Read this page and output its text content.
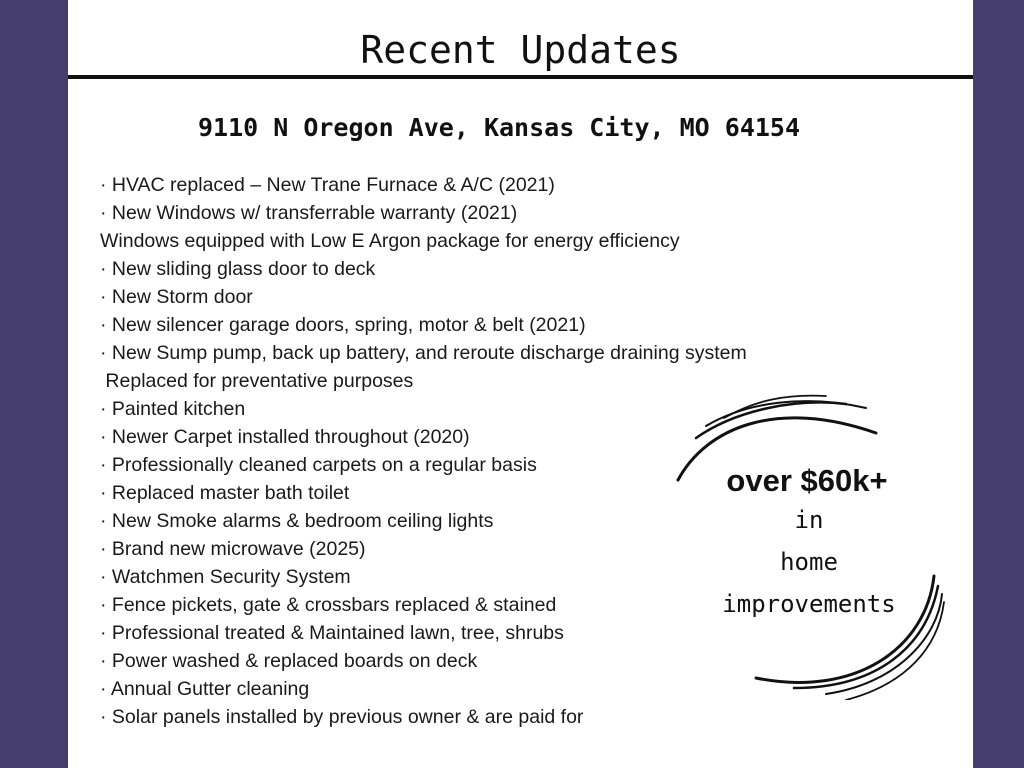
Recent Updates
9110 N Oregon Ave, Kansas City, MO 64154
· HVAC replaced – New Trane Furnace & A/C (2021)
· New Windows w/ transferrable warranty (2021)
Windows equipped with Low E Argon package for energy efficiency
· New sliding glass door to deck
· New Storm door
· New silencer garage doors, spring, motor & belt (2021)
· New Sump pump, back up battery, and reroute discharge draining system
Replaced for preventative purposes
· Painted kitchen
· Newer Carpet installed throughout (2020)
· Professionally cleaned carpets on a regular basis
· Replaced master bath toilet
· New Smoke alarms & bedroom ceiling lights
· Brand new microwave (2025)
· Watchmen Security System
· Fence pickets, gate & crossbars replaced & stained
· Professional treated & Maintained lawn, tree, shrubs
· Power washed & replaced boards on deck
· Annual Gutter cleaning
· Solar panels installed by previous owner & are paid for
over $60k+
in
home
improvements
